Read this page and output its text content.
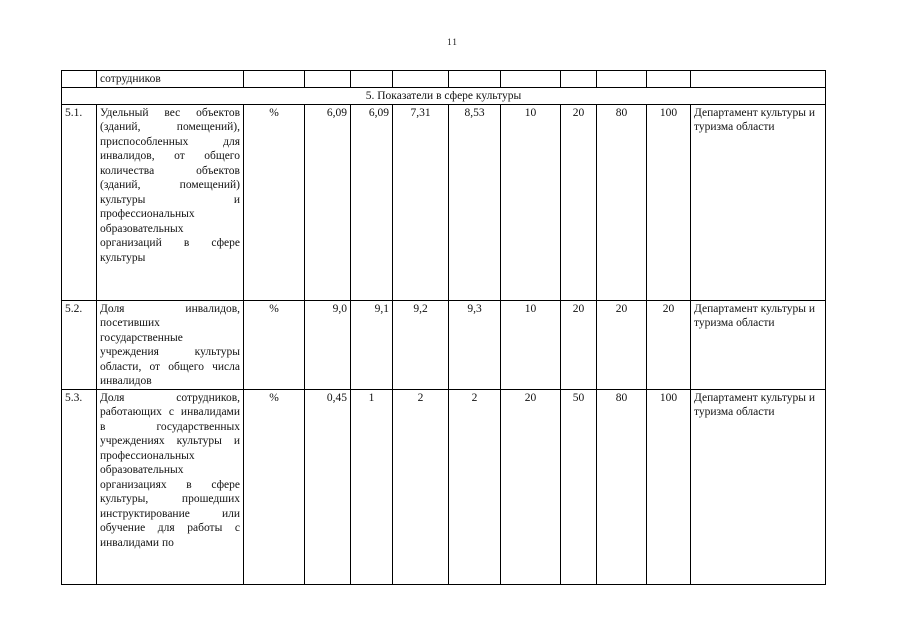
11
	сотрудников										
5. Показатели в сфере культуры											
5.1.	Удельный вес объектов (зданий, помещений), приспособленных для инвалидов, от общего количества объектов (зданий, помещений) культуры и профессиональных образовательных организаций в сфере культуры	%	6,09	6,09	7,31	8,53	10	20	80	100	Департамент культуры и туризма области
5.2.	Доля инвалидов, посетивших государственные учреждения культуры области, от общего числа инвалидов	%	9,0	9,1	9,2	9,3	10	20	20	20	Департамент культуры и туризма области
5.3.	Доля сотрудников, работающих с инвалидами в государственных учреждениях культуры и профессиональных образовательных организациях в сфере культуры, прошедших инструктирование или обучение для работы с инвалидами по	%	0,45	1	2	2	20	50	80	100	Департамент культуры и туризма области
